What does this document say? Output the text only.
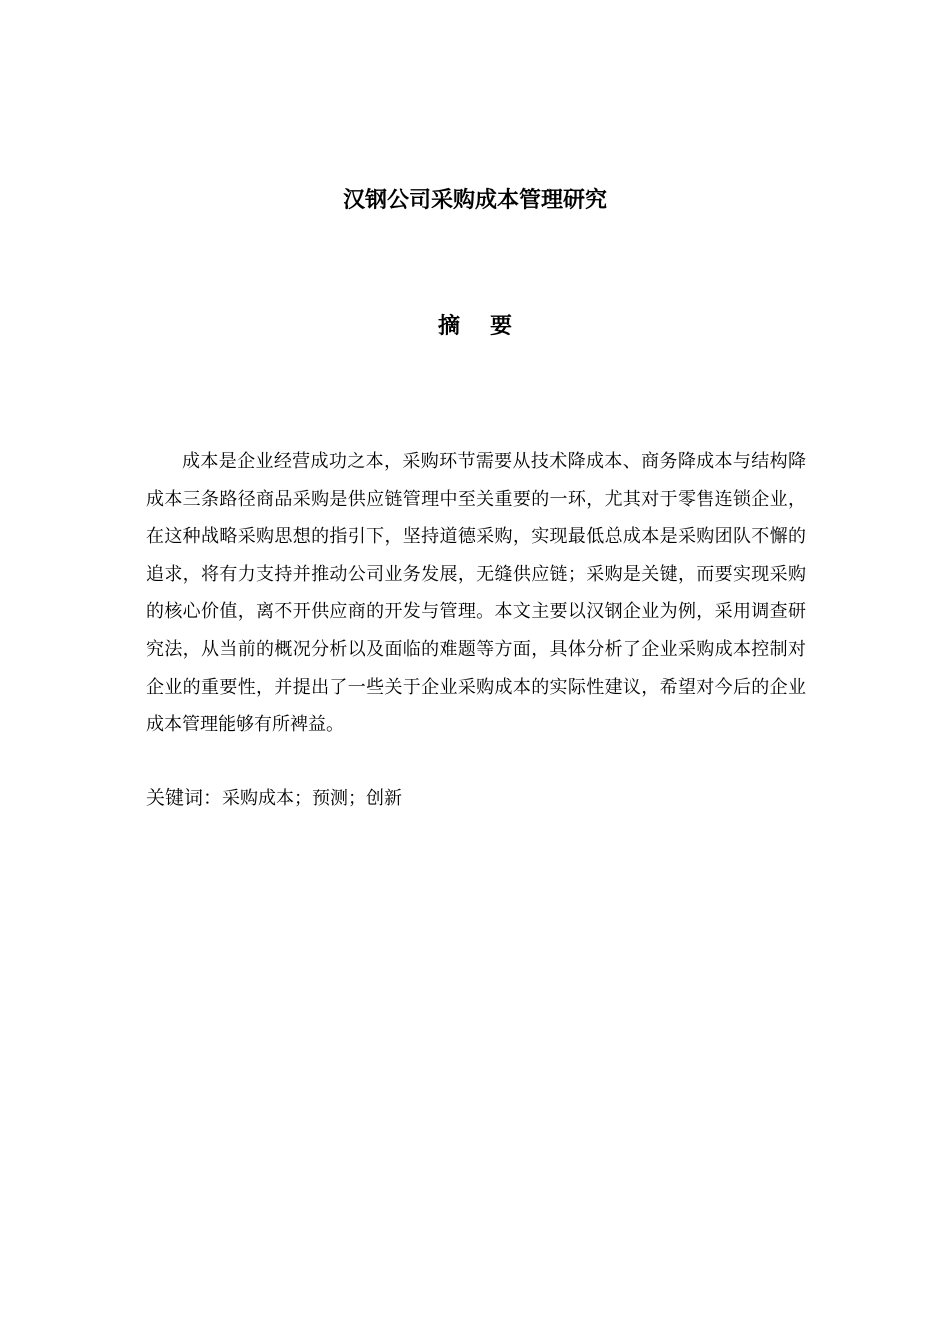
汉钢公司采购成本管理研究
摘 要

成本是企业经营成功之本，采购环节需要从技术降成本、商务降成本与结构降成本三条路径商品采购是供应链管理中至关重要的一环，尤其对于零售连锁企业，在这种战略采购思想的指引下，坚持道德采购，实现最低总成本是采购团队不懈的追求，将有力支持并推动公司业务发展，无缝供应链；采购是关键，而要实现采购的核心价值，离不开供应商的开发与管理。本文主要以汉钢企业为例，采用调查研究法，从当前的概况分析以及面临的难题等方面，具体分析了企业采购成本控制对企业的重要性，并提出了一些关于企业采购成本的实际性建议，希望对今后的企业成本管理能够有所裨益。

关键词：采购成本；预测；创新
